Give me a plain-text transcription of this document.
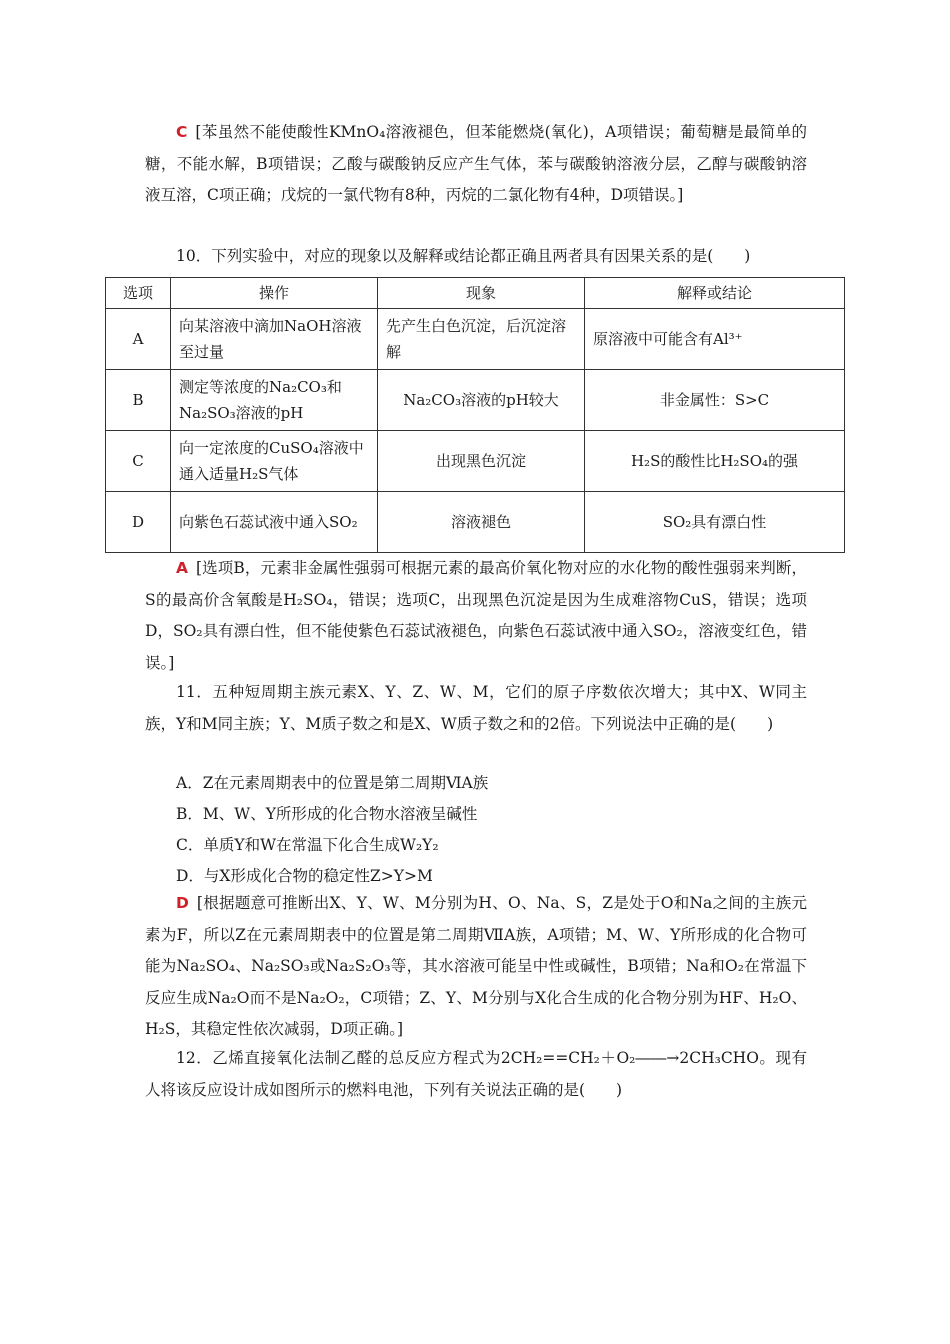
C [苯虽然不能使酸性KMnO₄溶液褪色，但苯能燃烧(氧化)，A项错误；葡萄糖是最简单的糖，不能水解，B项错误；乙酸与碳酸钠反应产生气体，苯与碳酸钠溶液分层，乙醇与碳酸钠溶液互溶，C项正确；戊烷的一氯代物有8种，丙烷的二氯化物有4种，D项错误。]

10．下列实验中，对应的现象以及解释或结论都正确且两者具有因果关系的是(　　)

选项	操作	现象	解释或结论
A	向某溶液中滴加NaOH溶液至过量	先产生白色沉淀，后沉淀溶解	原溶液中可能含有Al³⁺
B	测定等浓度的Na₂CO₃和Na₂SO₃溶液的pH	Na₂CO₃溶液的pH较大	非金属性：S>C
C	向一定浓度的CuSO₄溶液中通入适量H₂S气体	出现黑色沉淀	H₂S的酸性比H₂SO₄的强
D	向紫色石蕊试液中通入SO₂	溶液褪色	SO₂具有漂白性

A [选项B，元素非金属性强弱可根据元素的最高价氧化物对应的水化物的酸性强弱来判断，S的最高价含氧酸是H₂SO₄，错误；选项C，出现黑色沉淀是因为生成难溶物CuS，错误；选项D，SO₂具有漂白性，但不能使紫色石蕊试液褪色，向紫色石蕊试液中通入SO₂，溶液变红色，错误。]

11．五种短周期主族元素X、Y、Z、W、M，它们的原子序数依次增大；其中X、W同主族，Y和M同主族；Y、M质子数之和是X、W质子数之和的2倍。下列说法中正确的是(　　)

A．Z在元素周期表中的位置是第二周期ⅥA族

B．M、W、Y所形成的化合物水溶液呈碱性

C．单质Y和W在常温下化合生成W₂Y₂

D．与X形成化合物的稳定性Z>Y>M

D [根据题意可推断出X、Y、W、M分别为H、O、Na、S，Z是处于O和Na之间的主族元素为F，所以Z在元素周期表中的位置是第二周期ⅦA族，A项错；M、W、Y所形成的化合物可能为Na₂SO₄、Na₂SO₃或Na₂S₂O₃等，其水溶液可能呈中性或碱性，B项错；Na和O₂在常温下反应生成Na₂O而不是Na₂O₂，C项错；Z、Y、M分别与X化合生成的化合物分别为HF、H₂O、H₂S，其稳定性依次减弱，D项正确。]

12．乙烯直接氧化法制乙醛的总反应方程式为2CH₂==CH₂＋O₂――→2CH₃CHO。现有人将该反应设计成如图所示的燃料电池，下列有关说法正确的是(　　)
